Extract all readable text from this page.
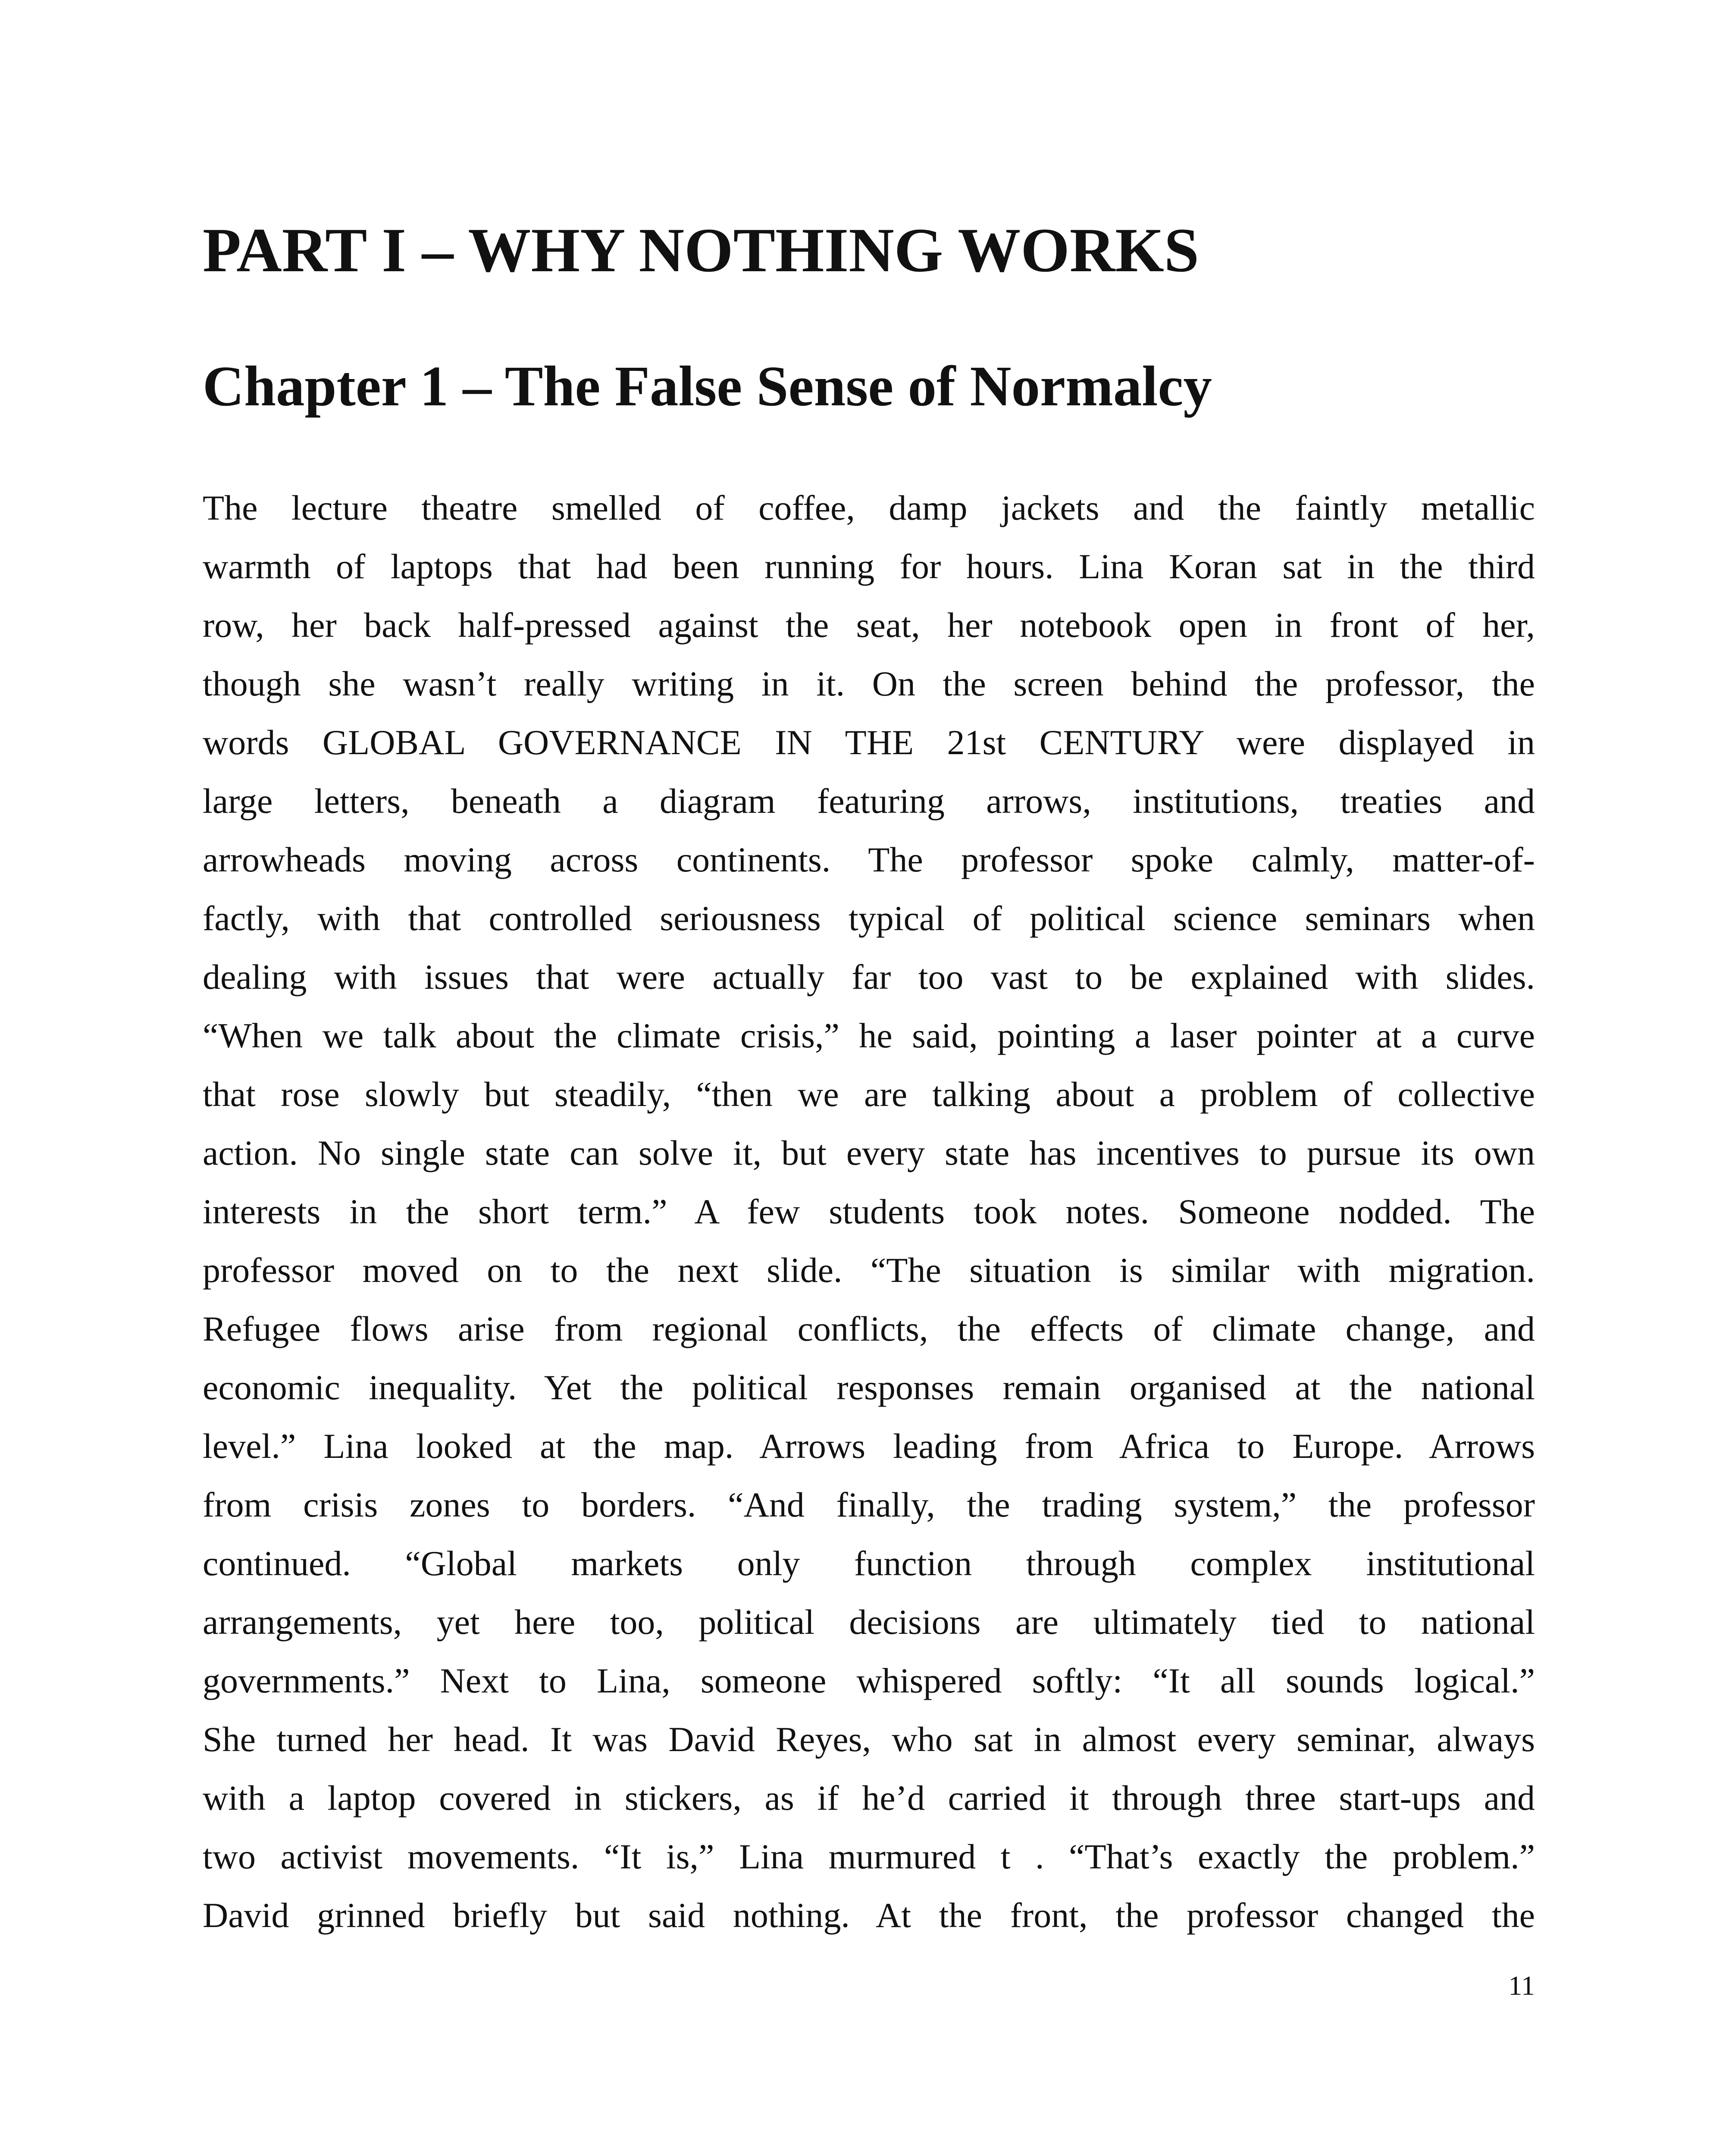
PART I – WHY NOTHING WORKS
Chapter 1 – The False Sense of Normalcy
The lecture theatre smelled of coffee, damp jackets and the faintly metallic
warmth of laptops that had been running for hours. Lina Koran sat in the third
row, her back half-pressed against the seat, her notebook open in front of her,
though she wasn’t really writing in it. On the screen behind the professor, the
words GLOBAL GOVERNANCE IN THE 21st CENTURY were displayed in
large letters, beneath a diagram featuring arrows, institutions, treaties and
arrowheads moving across continents. The professor spoke calmly, matter-of-
factly, with that controlled seriousness typical of political science seminars when
dealing with issues that were actually far too vast to be explained with slides.
“When we talk about the climate crisis,” he said, pointing a laser pointer at a curve
that rose slowly but steadily, “then we are talking about a problem of collective
action. No single state can solve it, but every state has incentives to pursue its own
interests in the short term.” A few students took notes. Someone nodded. The
professor moved on to the next slide. “The situation is similar with migration.
Refugee flows arise from regional conflicts, the effects of climate change, and
economic inequality. Yet the political responses remain organised at the national
level.” Lina looked at the map. Arrows leading from Africa to Europe. Arrows
from crisis zones to borders. “And finally, the trading system,” the professor
continued. “Global markets only function through complex institutional
arrangements, yet here too, political decisions are ultimately tied to national
governments.” Next to Lina, someone whispered softly: “It all sounds logical.”
She turned her head. It was David Reyes, who sat in almost every seminar, always
with a laptop covered in stickers, as if he’d carried it through three start-ups and
two activist movements. “It is,” Lina murmured t . “That’s exactly the problem.”
David grinned briefly but said nothing. At the front, the professor changed the
11
